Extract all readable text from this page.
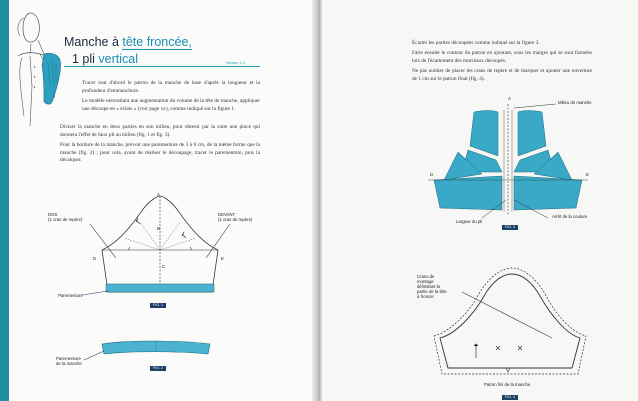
Manche à tête froncée,
1 pli vertical	Niveau 1-2
Tracer tout d'abord le patron de la manche de base d'après la longueur et la profondeur d'emmanchure.
Le modèle nécessitant une augmentation du volume de la tête de manche, appliquer une découpe en « éclats » (voir page xx), comme indiqué sur la figure 1.
Diviser la manche en deux parties en son milieu, pour obtenir par la suite une pince qui donnera l'effet de faux pli au milieu (fig. 1 et fig. 3).
Pour la bordure de la manche, prévoir une parementure de 3 à 6 cm, de la même forme que la manche (fig. 2) ; pour cela, avant de réaliser le découpage, tracer le parementure, puis la décalquer.
A
B
C
D	E
DOS
(1 cran de repère)
DEVANT
(1 cran de repère)
Parementure
FIG. 1
Parementure
de la manche
FIG. 2
Écarter les parties découpées comme indiqué sur la figure 3.
Faire ensuite le contour du patron en ajoutant, sous les marges qui se sont formées lors de l'écartement des morceaux découpés.
Ne pas oublier de placer les crans de repère et de marquer et ajouter une ouverture de 1 cm sur le patron final (fig. 4).
A
D	E
Milieu de manche
Largeur du pli
Arrêt de la couture
FIG. 3
Crans de
montage
délimitant la
partie de la tête
à froncer
Patron fini de la manche.
FIG. 4
